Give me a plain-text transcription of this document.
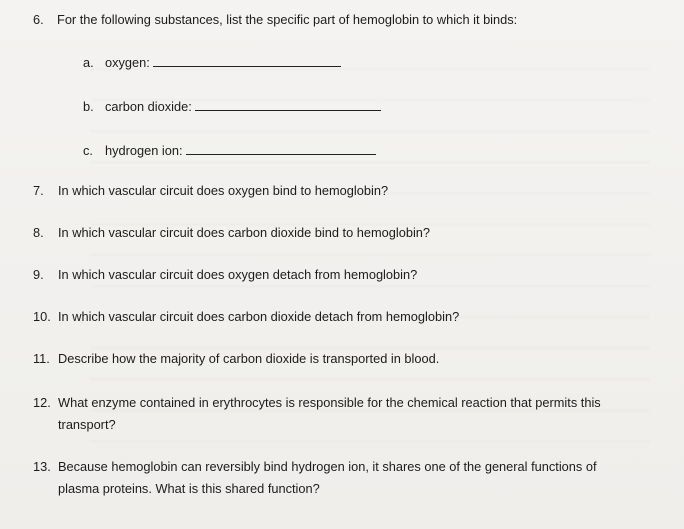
6. For the following substances, list the specific part of hemoglobin to which it binds:
a. oxygen:
b. carbon dioxide:
c. hydrogen ion:
7. In which vascular circuit does oxygen bind to hemoglobin?
8. In which vascular circuit does carbon dioxide bind to hemoglobin?
9. In which vascular circuit does oxygen detach from hemoglobin?
10. In which vascular circuit does carbon dioxide detach from hemoglobin?
11. Describe how the majority of carbon dioxide is transported in blood.
12. What enzyme contained in erythrocytes is responsible for the chemical reaction that permits this
transport?
13. Because hemoglobin can reversibly bind hydrogen ion, it shares one of the general functions of
plasma proteins. What is this shared function?
